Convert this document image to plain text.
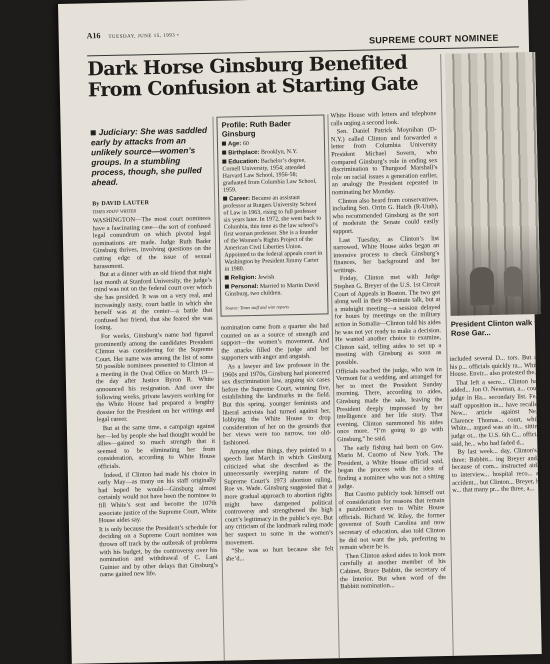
A16 TUESDAY, JUNE 15, 1993 •	SUPREME COURT NOMINEE
Dark Horse Ginsburg Benefited From Confusion at Starting Gate
Judiciary: She was saddled early by attacks from an unlikely source—women’s groups. In a stumbling process, though, she pulled ahead.
By DAVID LAUTER
TIMES STAFF WRITER

WASHINGTON—The most court nominees have a fascinating case—the sort of confused legal conundrum on which pivotal legal nominations are made. Judge Ruth Bader Ginsburg thrives, involving questions on the cutting edge of the issue of sexual harassment.

But at a dinner with an old friend that night last month at Stanford University, the judge’s mind was not on the federal court over which she has presided. It was on a very real, and increasingly nasty, court battle in which she herself was at the center—a battle that confused her friend, that she feared she was losing.

For weeks, Ginsburg’s name had figured prominently among the candidates President Clinton was considering for the Supreme Court. Her name was among the list of some 50 possible nominees presented to Clinton at a meeting in the Oval Office on March 19—the day after Justice Byron R. White announced his resignation. And over the following weeks, private lawyers working for the White House had prepared a lengthy dossier for the President on her writings and legal career.

But at the same time, a campaign against her—led by people she had thought would be allies—gained so much strength that it seemed to be eliminating her from consideration, according to White House officials.

Indeed, if Clinton had made his choice in early May—as many on his staff originally had hoped he would—Ginsburg almost certainly would not have been the nominee to fill White’s seat and become the 107th associate justice of the Supreme Court, White House aides say.

It is only because the President’s schedule for deciding on a Supreme Court nominee was thrown off track by the outbreak of problems with his budget, by the controversy over his nomination and withdrawal of C. Lani Guinier and by other delays that Ginsburg’s name gained new life.

Profile: Ruth Bader Ginsburg
Age: 60
Birthplace: Brooklyn, N.Y.
Education: Bachelor’s degree, Cornell University, 1954; attended Harvard Law School, 1956-58; graduated from Columbia Law School, 1959.
Career: Became an assistant professor at Rutgers University School of Law in 1963, rising to full professor six years later. In 1972, she went back to Columbia, this time as the law school’s first woman professor. She is a founder of the Women’s Rights Project of the American Civil Liberties Union. Appointed to the federal appeals court in Washington by President Jimmy Carter in 1980.
Religion: Jewish
Personal: Married to Martin David Ginsburg, two children.
Source: Times staff and wire reports

nomination came from a quarter she had counted on as a source of strength and support—the women’s movement. And the attacks filled the judge and her supporters with anger and anguish.

As a lawyer and law professor in the 1960s and 1970s, Ginsburg had pioneered sex discrimination law, arguing six cases before the Supreme Court, winning five, establishing the landmarks in the field. But this spring, younger feminists and liberal activists had turned against her, lobbying the White House to drop consideration of her on the grounds that her views were too narrow, too old-fashioned.

Among other things, they pointed to a speech last March in which Ginsburg criticized what she described as the unnecessarily sweeping nature of the Supreme Court’s 1973 abortion ruling, Roe vs. Wade. Ginsburg suggested that a more gradual approach to abortion rights might have dampened political controversy and strengthened the high court’s legitimacy in the public’s eye. But any criticism of the landmark ruling made her suspect to some in the women’s movement.

“She was so hurt because she felt she’d...

White House with letters and telephone calls urging a second look.

Sen. Daniel Patrick Moynihan (D-N.Y.) called Clinton and forwarded a letter from Columbia University President Michael Sovern, who compared Ginsburg’s role in ending sex discrimination to Thurgood Marshall’s role on racial issues a generation earlier, an analogy the President repeated in nominating her Monday.

Clinton also heard from conservatives, including Sen. Orrin G. Hatch (R-Utah), who recommended Ginsburg as the sort of moderate the Senate could easily support.

Last Tuesday, as Clinton’s list narrowed, White House aides began an intensive process to check Ginsburg’s finances, her background and her writings.

Friday, Clinton met with Judge Stephen G. Breyer of the U.S. 1st Circuit Court of Appeals in Boston. The two got along well in their 90-minute talk, but at a midnight meeting—a session delayed for hours by meetings on the military action in Somalia—Clinton told his aides he was not yet ready to make a decision. He wanted another choice to examine, Clinton said, telling aides to set up a meeting with Ginsburg as soon as possible.

Officials reached the judge, who was in Vermont for a wedding, and arranged for her to meet the President Sunday morning. There, according to aides, Ginsburg made the sale, leaving the President deeply impressed by her intelligence and her life story. That evening, Clinton summoned his aides once more. “I’m going to go with Ginsburg,” he said.

The early fishing had been on Gov. Mario M. Cuomo of New York. The President, a White House official said, began the process with the idea of finding a nominee who was not a sitting judge.

But Cuomo publicly took himself out of consideration for reasons that remain a puzzlement even to White House officials. Richard W. Riley, the former governor of South Carolina and now secretary of education, also told Clinton he did not want the job, preferring to remain where he is.

Then Clinton asked aides to look more carefully at another member of his Cabinet, Bruce Babbitt, the secretary of the Interior. But when word of the Babbitt nomination...

President Clinton walk to Rose Gar...

included several D... tors. But as his p... officials quickly ra... White House. Envir... also protested the...

That left a secre... Clinton had added... Jon O. Newman, a... court judge in Ha... secondary list. Fe... staff opposition in... have recalled New... article against Ne... Clarence Thomas... court, while White... argued was an in... sitting judge ot... the U.S. 6th C... official said, he... who had faded d...

By last week... day, Clinton's... three: Babbitt... ing Breyer and... because of com... instructed aid... to interview... hospital reco... an accident... but Clinton... Breyer, he w... that many pr... the three, a...
